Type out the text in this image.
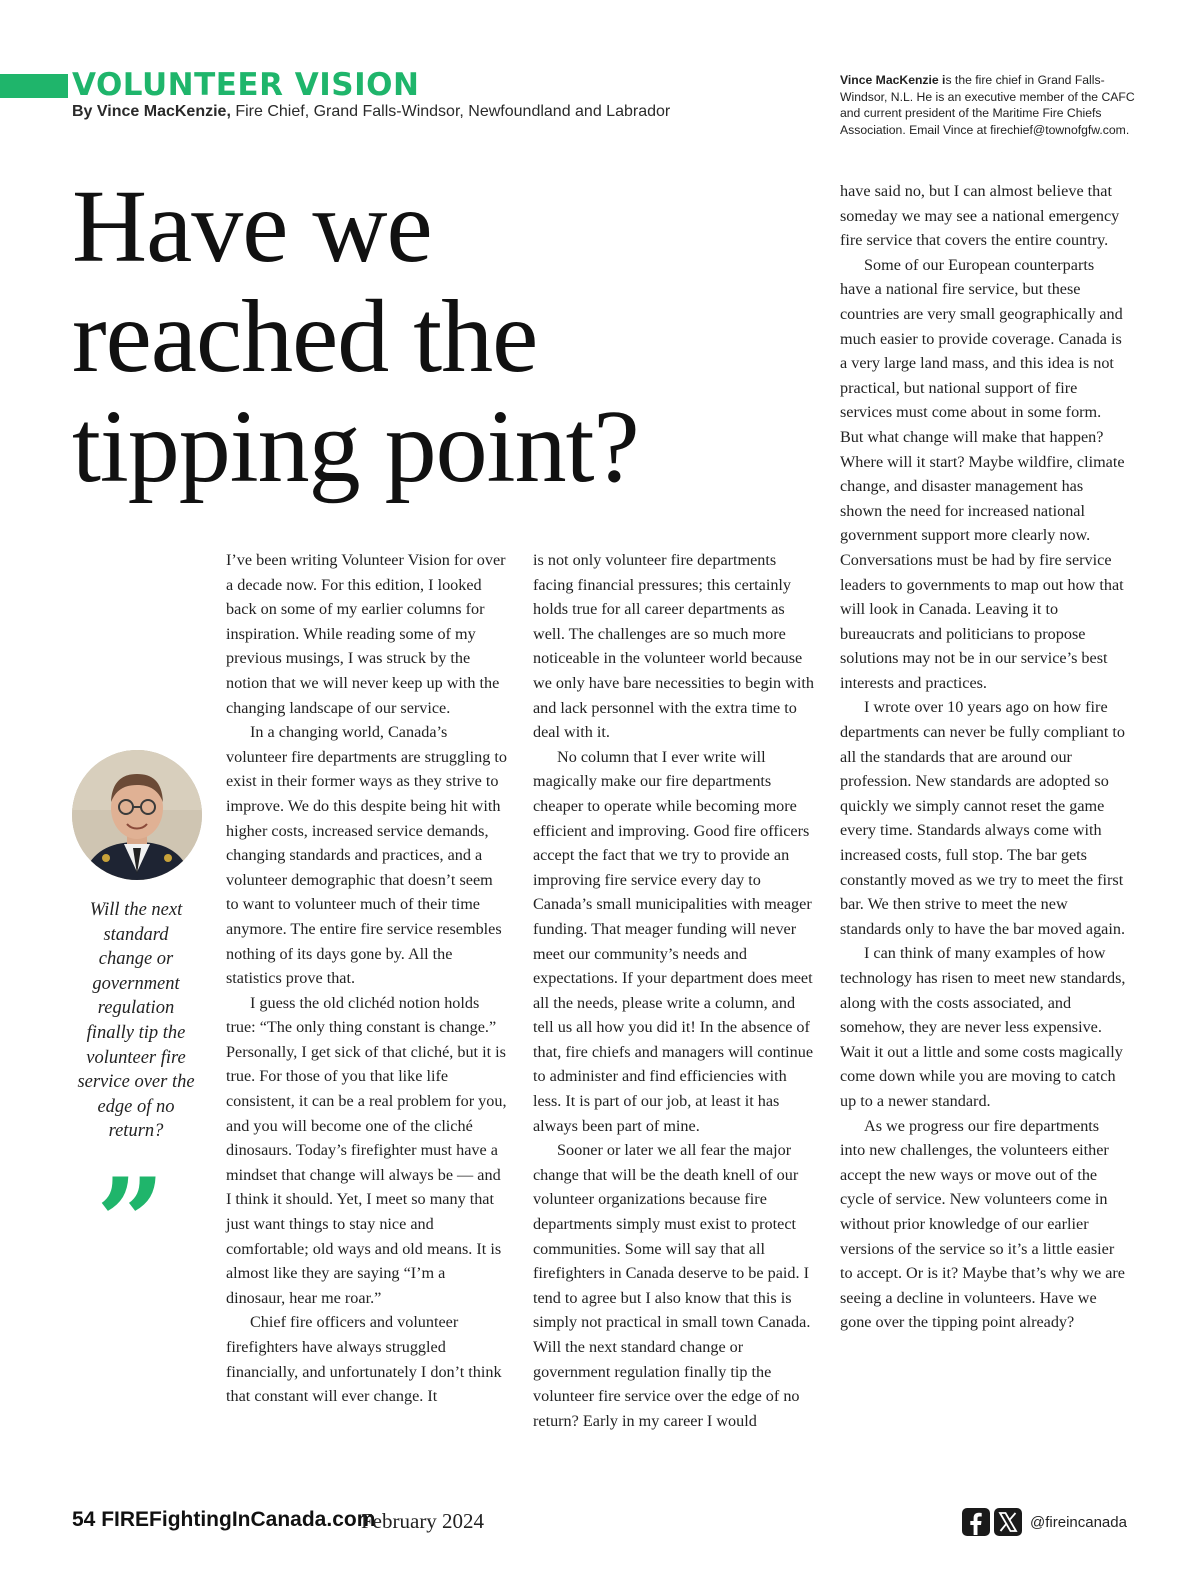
VOLUNTEER VISION
By Vince MacKenzie, Fire Chief, Grand Falls-Windsor, Newfoundland and Labrador

Vince MacKenzie is the fire chief in Grand Falls-Windsor, N.L. He is an executive member of the CAFC and current president of the Maritime Fire Chiefs Association. Email Vince at firechief@townofgfw.com.

Have we
reached the
tipping point?

Will the next standard change or government regulation finally tip the volunteer fire service over the edge of no return?

”

I’ve been writing Volunteer Vision for over a decade now. For this edition, I looked back on some of my earlier columns for inspiration. While reading some of my previous musings, I was struck by the notion that we will never keep up with the changing landscape of our service.

In a changing world, Canada’s volunteer fire departments are struggling to exist in their former ways as they strive to improve. We do this despite being hit with higher costs, increased service demands, changing standards and practices, and a volunteer demographic that doesn’t seem to want to volunteer much of their time anymore. The entire fire service resembles nothing of its days gone by. All the statistics prove that.

I guess the old clichéd notion holds true: “The only thing constant is change.” Personally, I get sick of that cliché, but it is true. For those of you that like life consistent, it can be a real problem for you, and you will become one of the cliché dinosaurs. Today’s firefighter must have a mindset that change will always be — and I think it should. Yet, I meet so many that just want things to stay nice and comfortable; old ways and old means. It is almost like they are saying “I’m a dinosaur, hear me roar.”

Chief fire officers and volunteer firefighters have always struggled financially, and unfortunately I don’t think that constant will ever change. It

is not only volunteer fire departments facing financial pressures; this certainly holds true for all career departments as well. The challenges are so much more noticeable in the volunteer world because we only have bare necessities to begin with and lack personnel with the extra time to deal with it.

No column that I ever write will magically make our fire departments cheaper to operate while becoming more efficient and improving. Good fire officers accept the fact that we try to provide an improving fire service every day to Canada’s small municipalities with meager funding. That meager funding will never meet our community’s needs and expectations. If your department does meet all the needs, please write a column, and tell us all how you did it! In the absence of that, fire chiefs and managers will continue to administer and find efficiencies with less. It is part of our job, at least it has always been part of mine.

Sooner or later we all fear the major change that will be the death knell of our volunteer organizations because fire departments simply must exist to protect communities. Some will say that all firefighters in Canada deserve to be paid. I tend to agree but I also know that this is simply not practical in small town Canada. Will the next standard change or government regulation finally tip the volunteer fire service over the edge of no return? Early in my career I would

have said no, but I can almost believe that someday we may see a national emergency fire service that covers the entire country.

Some of our European counterparts have a national fire service, but these countries are very small geographically and much easier to provide coverage. Canada is a very large land mass, and this idea is not practical, but national support of fire services must come about in some form. But what change will make that happen? Where will it start? Maybe wildfire, climate change, and disaster management has shown the need for increased national government support more clearly now. Conversations must be had by fire service leaders to governments to map out how that will look in Canada. Leaving it to bureaucrats and politicians to propose solutions may not be in our service’s best interests and practices.

I wrote over 10 years ago on how fire departments can never be fully compliant to all the standards that are around our profession. New standards are adopted so quickly we simply cannot reset the game every time. Standards always come with increased costs, full stop. The bar gets constantly moved as we try to meet the first bar. We then strive to meet the new standards only to have the bar moved again.

I can think of many examples of how technology has risen to meet new standards, along with the costs associated, and somehow, they are never less expensive. Wait it out a little and some costs magically come down while you are moving to catch up to a newer standard.

As we progress our fire departments into new challenges, the volunteers either accept the new ways or move out of the cycle of service. New volunteers come in without prior knowledge of our earlier versions of the service so it’s a little easier to accept. Or is it? Maybe that’s why we are seeing a decline in volunteers. Have we gone over the tipping point already?

54 FIREFightingInCanada.com
February 2024	@fireincanada
